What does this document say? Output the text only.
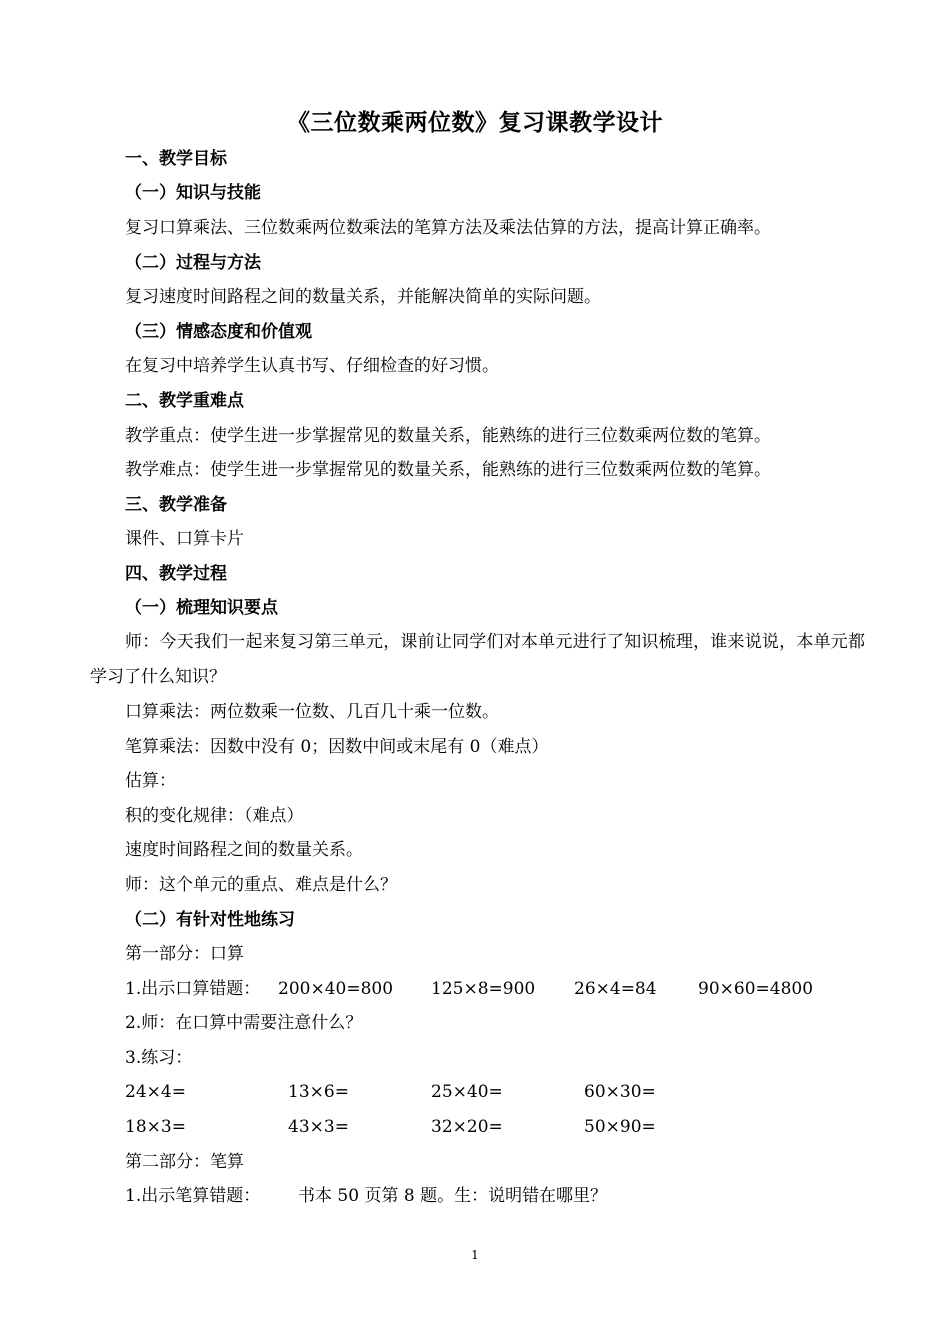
《三位数乘两位数》复习课教学设计
一、教学目标
（一）知识与技能
复习口算乘法、三位数乘两位数乘法的笔算方法及乘法估算的方法，提高计算正确率。
（二）过程与方法
复习速度时间路程之间的数量关系，并能解决简单的实际问题。
（三）情感态度和价值观
在复习中培养学生认真书写、仔细检查的好习惯。
二、教学重难点
教学重点：使学生进一步掌握常见的数量关系，能熟练的进行三位数乘两位数的笔算。
教学难点：使学生进一步掌握常见的数量关系，能熟练的进行三位数乘两位数的笔算。
三、教学准备
课件、口算卡片
四、教学过程
（一）梳理知识要点
师：今天我们一起来复习第三单元，课前让同学们对本单元进行了知识梳理，谁来说说，本单元都学习了什么知识？
口算乘法：两位数乘一位数、几百几十乘一位数。
笔算乘法：因数中没有 0；因数中间或末尾有 0（难点）
估算：
积的变化规律：（难点）
速度时间路程之间的数量关系。
师：这个单元的重点、难点是什么？
（二）有针对性地练习
第一部分：口算
1.出示口算错题： 200×40=800 125×8=900 26×4=84 90×60=4800
2.师：在口算中需要注意什么？
3.练习：
24×4=	13×6=	25×40=	60×30=
18×3=	43×3=	32×20=	50×90=
第二部分：笔算
1.出示笔算错题： 书本 50 页第 8 题。生：说明错在哪里？
1
